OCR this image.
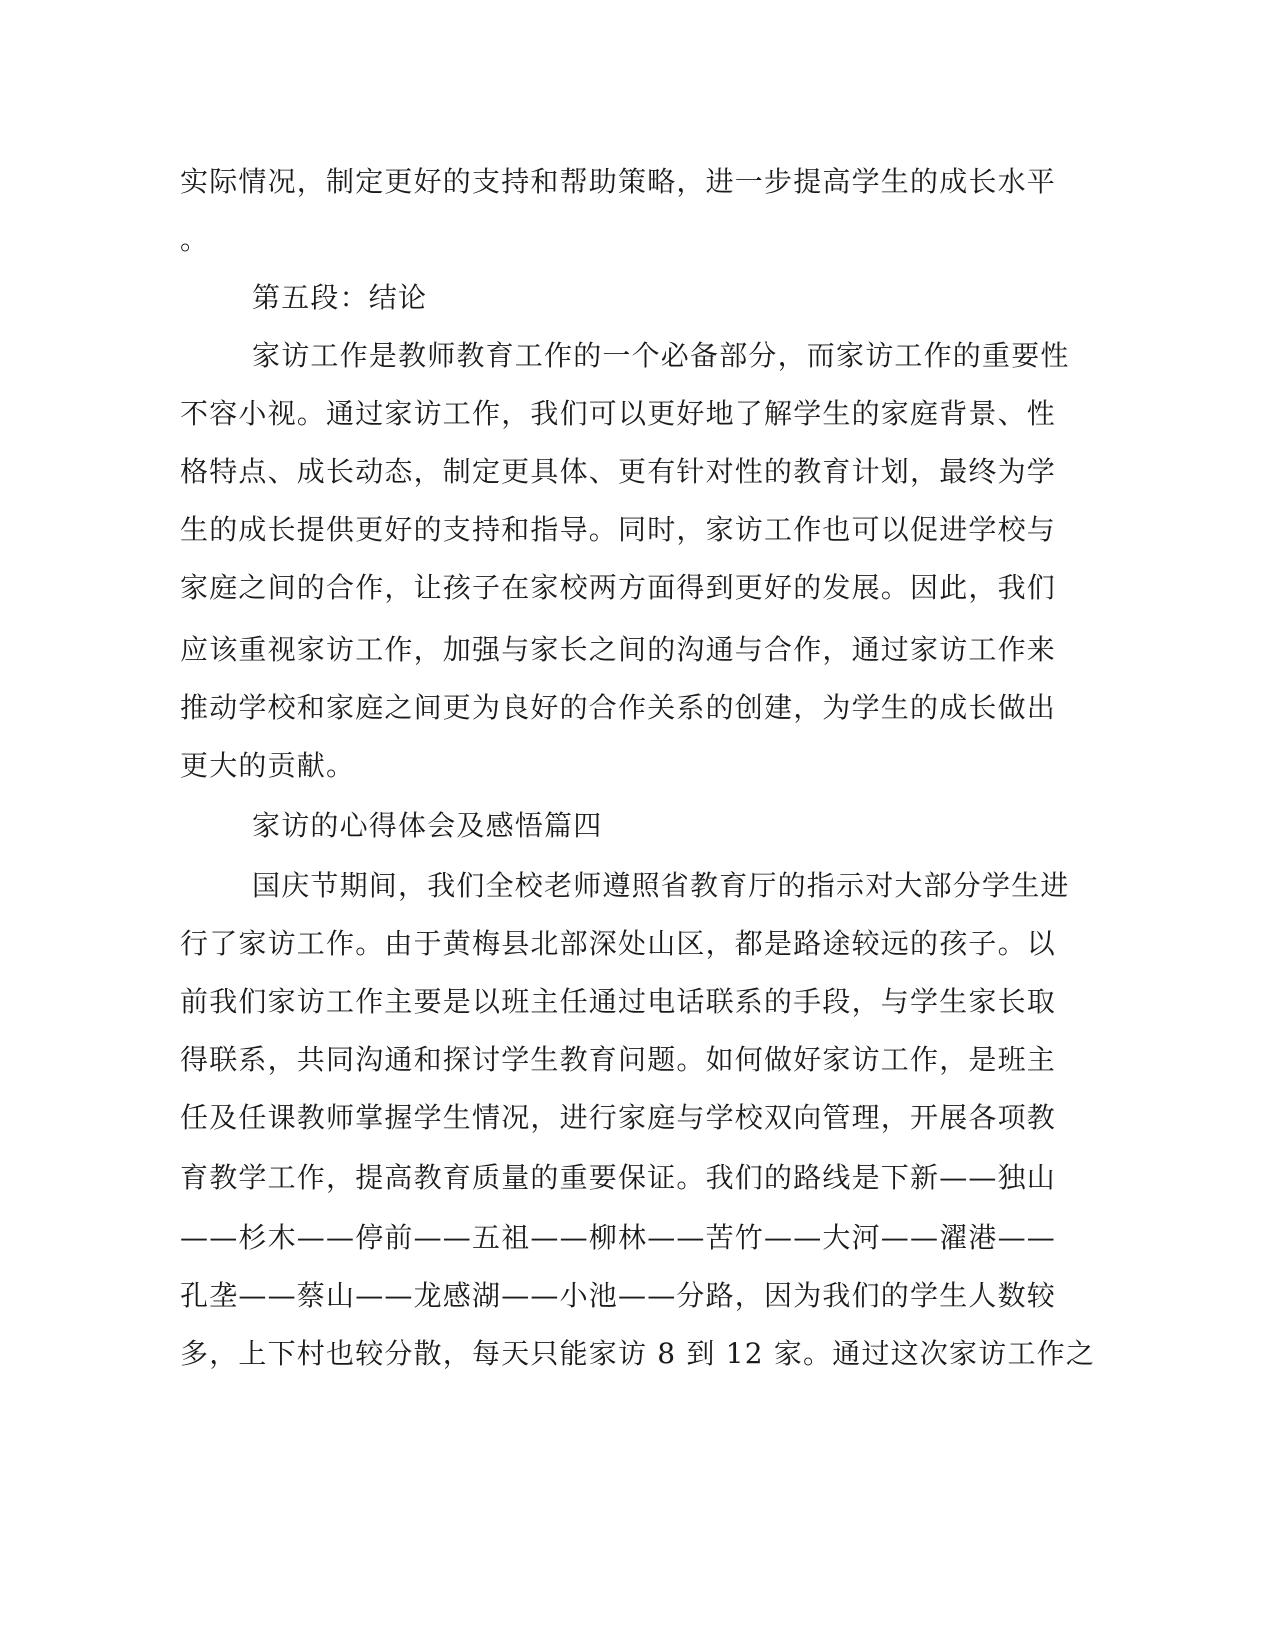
实际情况，制定更好的支持和帮助策略，进一步提高学生的成长水平
。
第五段：结论
家访工作是教师教育工作的一个必备部分，而家访工作的重要性
不容小视。通过家访工作，我们可以更好地了解学生的家庭背景、性
格特点、成长动态，制定更具体、更有针对性的教育计划，最终为学
生的成长提供更好的支持和指导。同时，家访工作也可以促进学校与
家庭之间的合作，让孩子在家校两方面得到更好的发展。因此，我们
应该重视家访工作，加强与家长之间的沟通与合作，通过家访工作来
推动学校和家庭之间更为良好的合作关系的创建，为学生的成长做出
更大的贡献。
家访的心得体会及感悟篇四
国庆节期间，我们全校老师遵照省教育厅的指示对大部分学生进
行了家访工作。由于黄梅县北部深处山区，都是路途较远的孩子。以
前我们家访工作主要是以班主任通过电话联系的手段，与学生家长取
得联系，共同沟通和探讨学生教育问题。如何做好家访工作，是班主
任及任课教师掌握学生情况，进行家庭与学校双向管理，开展各项教
育教学工作，提高教育质量的重要保证。我们的路线是下新——独山
——杉木——停前——五祖——柳林——苦竹——大河——濯港——
孔垄——蔡山——龙感湖——小池——分路，因为我们的学生人数较
多，上下村也较分散，每天只能家访 8 到 12 家。通过这次家访工作之
